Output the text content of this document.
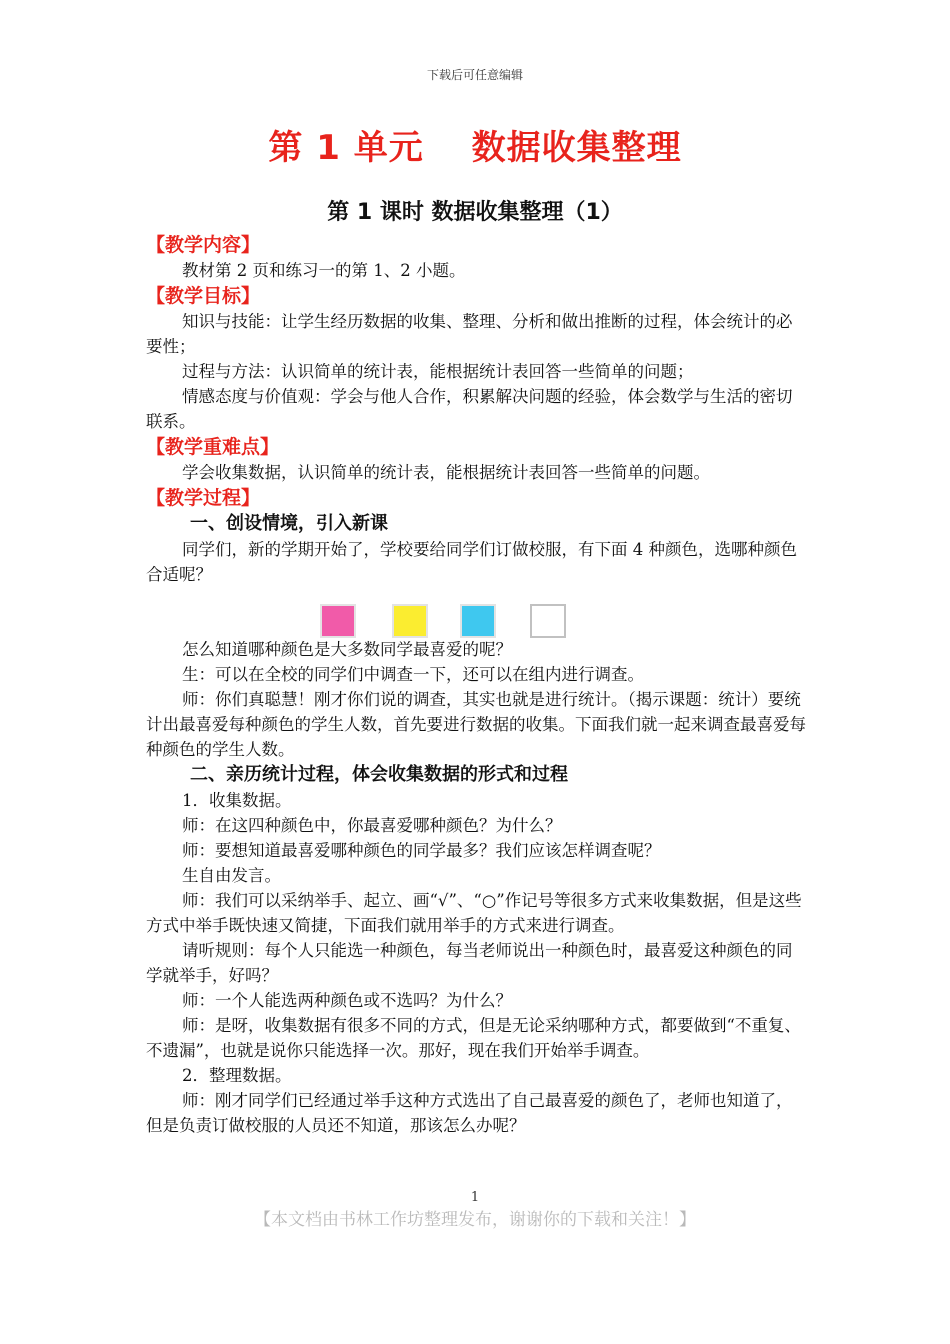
下载后可任意编辑
第 1 单元　 数据收集整理
第 1 课时 数据收集整理（1）
【教学内容】

教材第 2 页和练习一的第 1、2 小题。

【教学目标】

知识与技能：让学生经历数据的收集、整理、分析和做出推断的过程，体会统计的必要性；

过程与方法：认识简单的统计表，能根据统计表回答一些简单的问题；

情感态度与价值观：学会与他人合作，积累解决问题的经验，体会数学与生活的密切联系。

【教学重难点】

学会收集数据，认识简单的统计表，能根据统计表回答一些简单的问题。

【教学过程】
一、创设情境，引入新课

同学们，新的学期开始了，学校要给同学们订做校服，有下面 4 种颜色，选哪种颜色合适呢？

怎么知道哪种颜色是大多数同学最喜爱的呢？

生：可以在全校的同学们中调查一下，还可以在组内进行调查。

师：你们真聪慧！刚才你们说的调查，其实也就是进行统计。（揭示课题：统计）要统计出最喜爱每种颜色的学生人数，首先要进行数据的收集。下面我们就一起来调查最喜爱每种颜色的学生人数。

二、亲历统计过程，体会收集数据的形式和过程

1．收集数据。

师：在这四种颜色中，你最喜爱哪种颜色？为什么？

师：要想知道最喜爱哪种颜色的同学最多？我们应该怎样调查呢？

生自由发言。

师：我们可以采纳举手、起立、画“√”、“○”作记号等很多方式来收集数据，但是这些方式中举手既快速又简捷，下面我们就用举手的方式来进行调查。

请听规则：每个人只能选一种颜色，每当老师说出一种颜色时，最喜爱这种颜色的同学就举手，好吗？

师：一个人能选两种颜色或不选吗？为什么？

师：是呀，收集数据有很多不同的方式，但是无论采纳哪种方式，都要做到“不重复、不遗漏”，也就是说你只能选择一次。那好，现在我们开始举手调查。

2．整理数据。

师：刚才同学们已经通过举手这种方式选出了自己最喜爱的颜色了，老师也知道了，但是负责订做校服的人员还不知道，那该怎么办呢？

1
【本文档由书林工作坊整理发布，谢谢你的下载和关注！】
